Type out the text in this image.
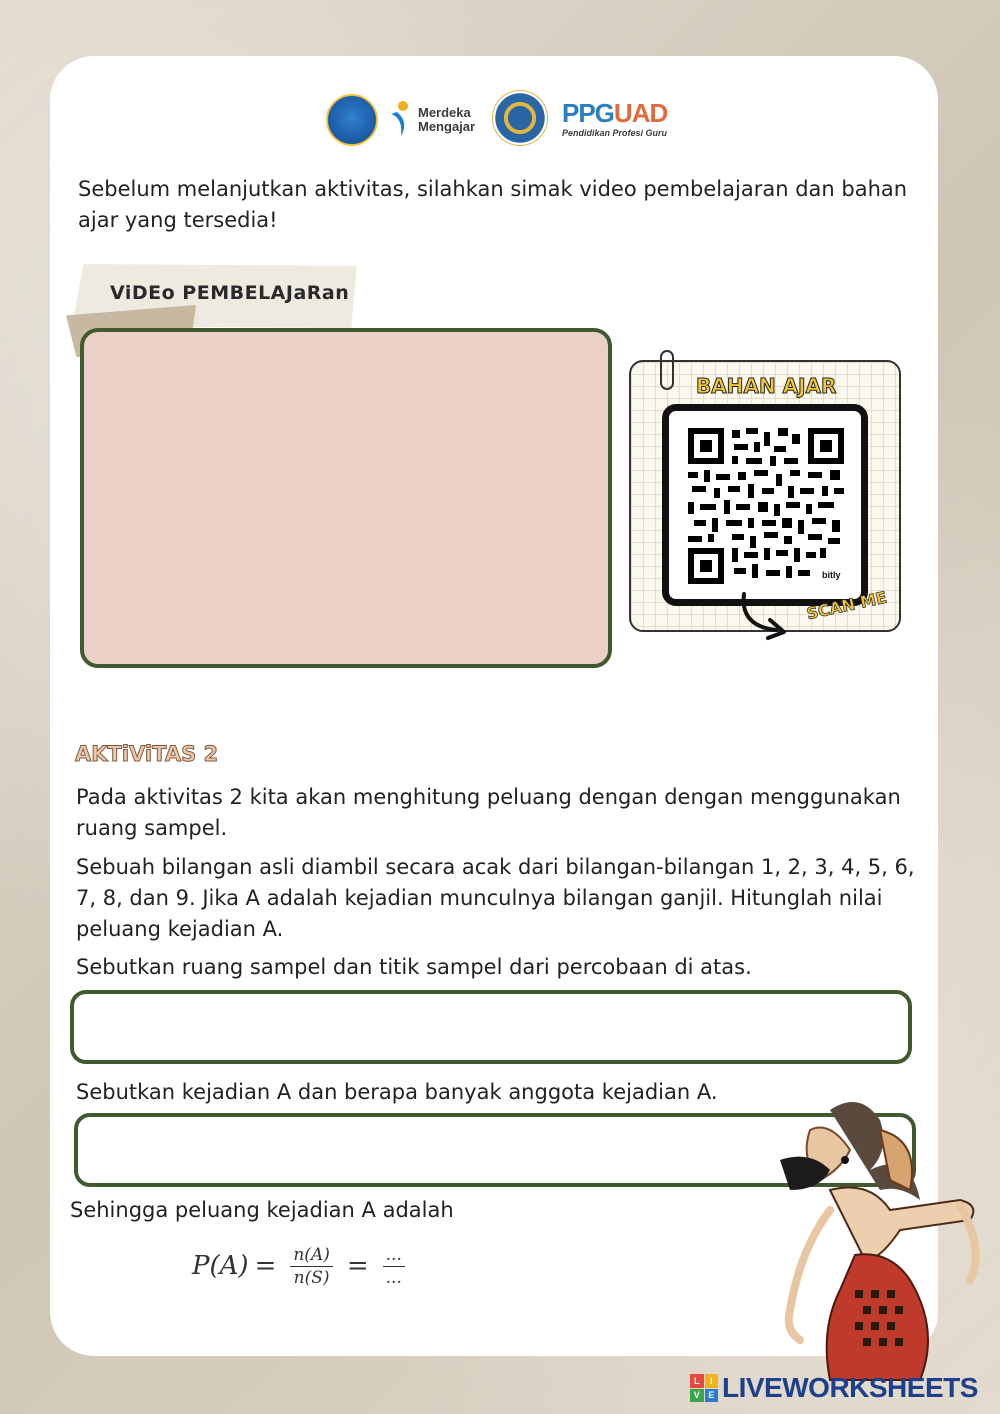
Merdeka
Mengajar	PPGUAD
Pendidikan Profesi Guru
Sebelum melanjutkan aktivitas, silahkan simak video pembelajaran dan bahan ajar yang tersedia!
ViDEo PEMBELAJaRan
BAHAN AJAR
bitly
SCAN ME
AKTiViTAS 2
Pada aktivitas 2 kita akan menghitung peluang dengan dengan menggunakan ruang sampel.
Sebuah bilangan asli diambil secara acak dari bilangan-bilangan 1, 2, 3, 4, 5, 6, 7, 8, dan 9. Jika A adalah kejadian munculnya bilangan ganjil. Hitunglah nilai peluang kejadian A.
Sebutkan ruang sampel dan titik sampel dari percobaan di atas.
Sebutkan kejadian A dan berapa banyak anggota kejadian A.
Sehingga peluang kejadian A adalah
$P(A) = \frac{n(A)}{n(S)} = \frac{...}{...}$
L	I
V E LIVEWORKSHEETS
